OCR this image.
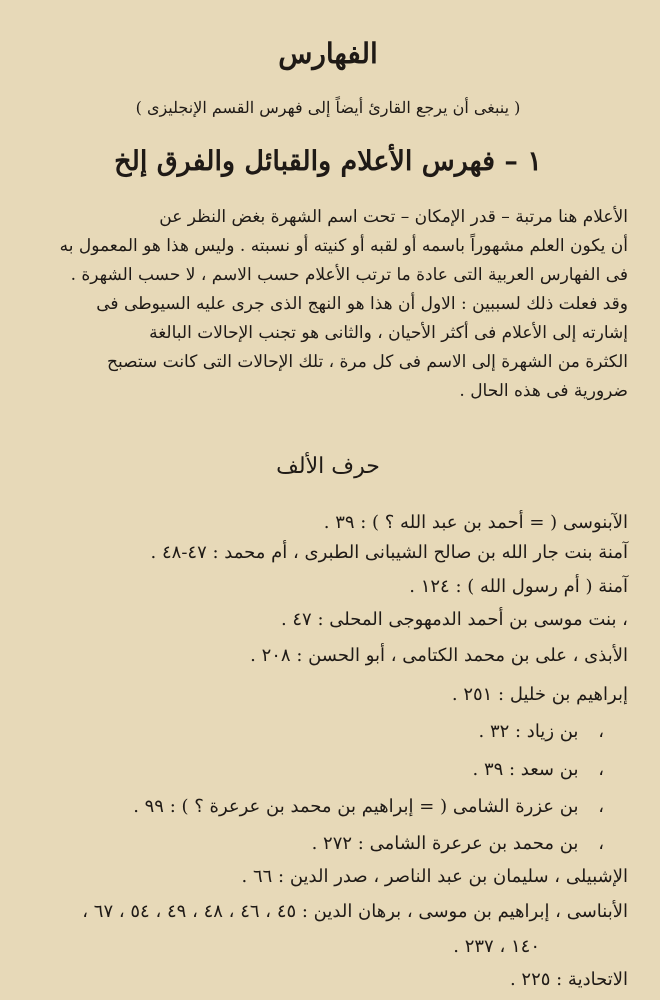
الفهارس
( ينبغى أن يرجع القارئ أيضاً إلى فهرس القسم الإنجليزى )
١ – فهرس الأعلام والقبائل والفرق إلخ
الأعلام هنا مرتبة – قدر الإمكان – تحت اسم الشهرة بغض النظر عن
أن يكون العلم مشهوراً باسمه أو لقبه أو كنيته أو نسبته . وليس هذا هو المعمول به
فى الفهارس العربية التى عادة ما ترتب الأعلام حسب الاسم ، لا حسب الشهرة .
وقد فعلت ذلك لسببين : الاول أن هذا هو النهج الذى جرى عليه السيوطى فى
إشارته إلى الأعلام فى أكثر الأحيان ، والثانى هو تجنب الإحالات البالغة
الكثرة من الشهرة إلى الاسم فى كل مرة ، تلك الإحالات التى كانت ستصبح
ضرورية فى هذه الحال .
حرف الألف
الآبنوسى ( = أحمد بن عبد الله ؟ ) : ٣٩ .
آمنة بنت جار الله بن صالح الشيبانى الطبرى ، أم محمد : ٤٧-٤٨ .
آمنة ( أم رسول الله ) : ١٢٤ .
، بنت موسى بن أحمد الدمهوجى المحلى : ٤٧ .
الأبذى ، على بن محمد الكتامى ، أبو الحسن : ٢٠٨ .
إبراهيم بن خليل : ٢٥١ .
، بن زياد : ٣٢ .
، بن سعد : ٣٩ .
، بن عزرة الشامى ( = إبراهيم بن محمد بن عرعرة ؟ ) : ٩٩ .
، بن محمد بن عرعرة الشامى : ٢٧٢ .
الإشبيلى ، سليمان بن عبد الناصر ، صدر الدين : ٦٦ .
الأبناسى ، إبراهيم بن موسى ، برهان الدين : ٤٥ ، ٤٦ ، ٤٨ ، ٤٩ ، ٥٤ ، ٦٧ ،
١٤٠ ، ٢٣٧ .
الاتحادية : ٢٢٥ .
